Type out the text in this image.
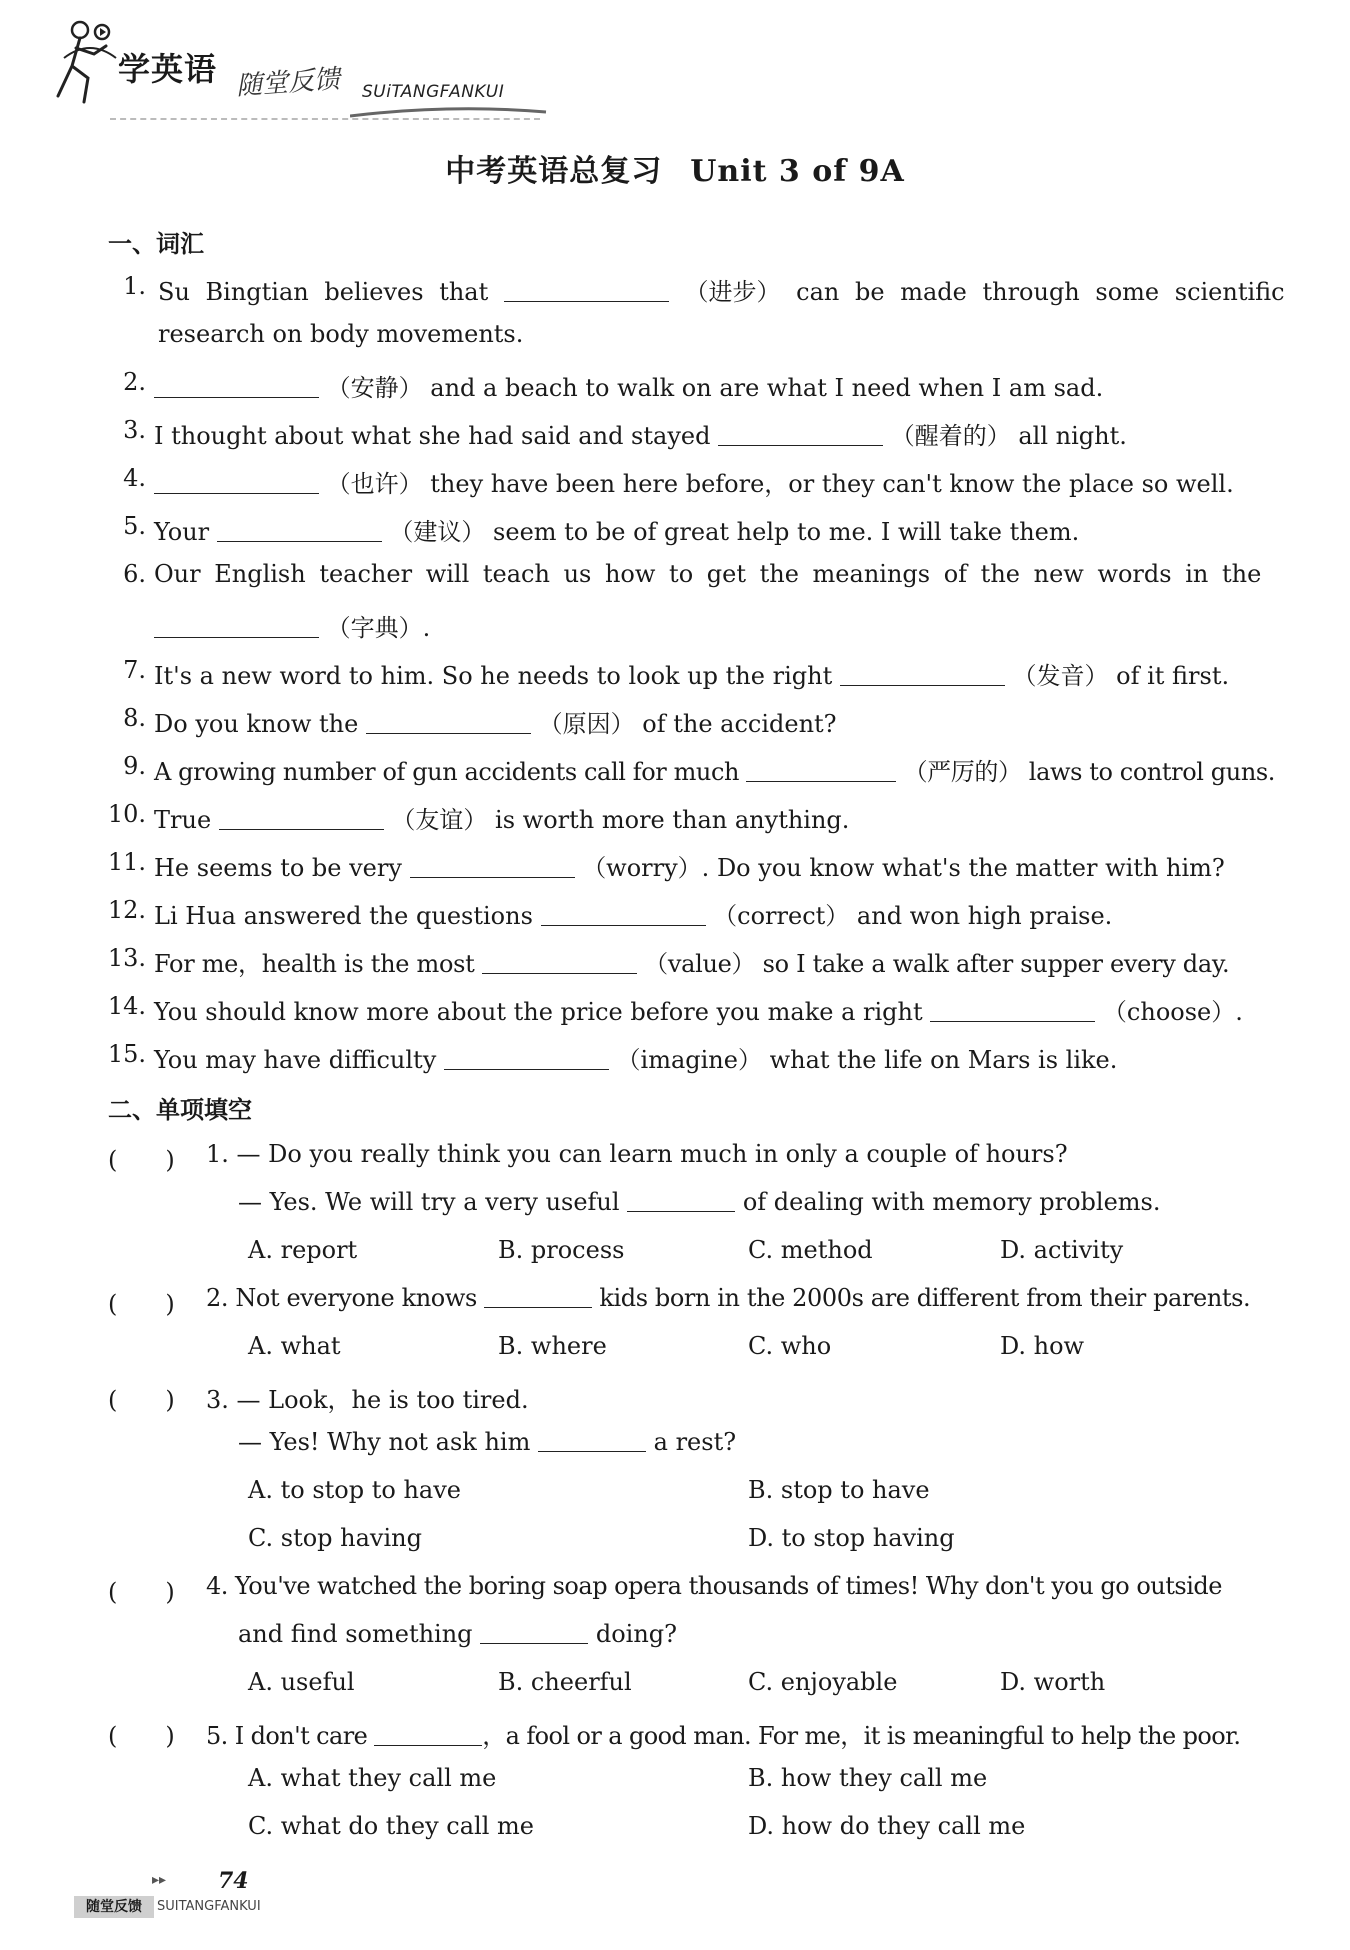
学英语 随堂反馈 SUiTANGFANKUI
中考英语总复习 Unit 3 of 9A
一、词汇
1. Su Bingtian believes that	（进步） can be made through some scientific
research on body movements.
2.	（安静） and a beach to walk on are what I need when I am sad.
3. I thought about what she had said and stayed	（醒着的） all night.
4.	（也许） they have been here before，or they can't know the place so well.
5. Your	（建议） seem to be of great help to me. I will take them.
6. Our English teacher will teach us how to get the meanings of the new words in the
（字典）.
7. It's a new word to him. So he needs to look up the right	（发音） of it first.
8. Do you know the	（原因） of the accident?
9. A growing number of gun accidents call for much	（严厉的） laws to control guns.
10. True	（友谊） is worth more than anything.
11. He seems to be very	（worry）. Do you know what's the matter with him?
12. Li Hua answered the questions	（correct） and won high praise.
13. For me，health is the most	（value） so I take a walk after supper every day.
14. You should know more about the price before you make a right	（choose）.
15. You may have difficulty	（imagine） what the life on Mars is like.
二、单项填空
(　　) 1. — Do you really think you can learn much in only a couple of hours?
— Yes. We will try a very useful	of dealing with memory problems.
A. report	B. process	C. method	D. activity
(　　) 2. Not everyone knows	kids born in the 2000s are different from their parents.
A. what	B. where	C. who	D. how
(　　) 3. — Look，he is too tired.
— Yes! Why not ask him	a rest?
A. to stop to have	B. stop to have
C. stop having	D. to stop having
(　　) 4. You've watched the boring soap opera thousands of times! Why don't you go outside
and find something	doing?
A. useful	B. cheerful	C. enjoyable	D. worth
(　　) 5. I don't care	，a fool or a good man. For me，it is meaningful to help the poor.
A. what they call me	B. how they call me
C. what do they call me	D. how do they call me
▸▸ 74
随堂反馈	SUITANGFANKUI
